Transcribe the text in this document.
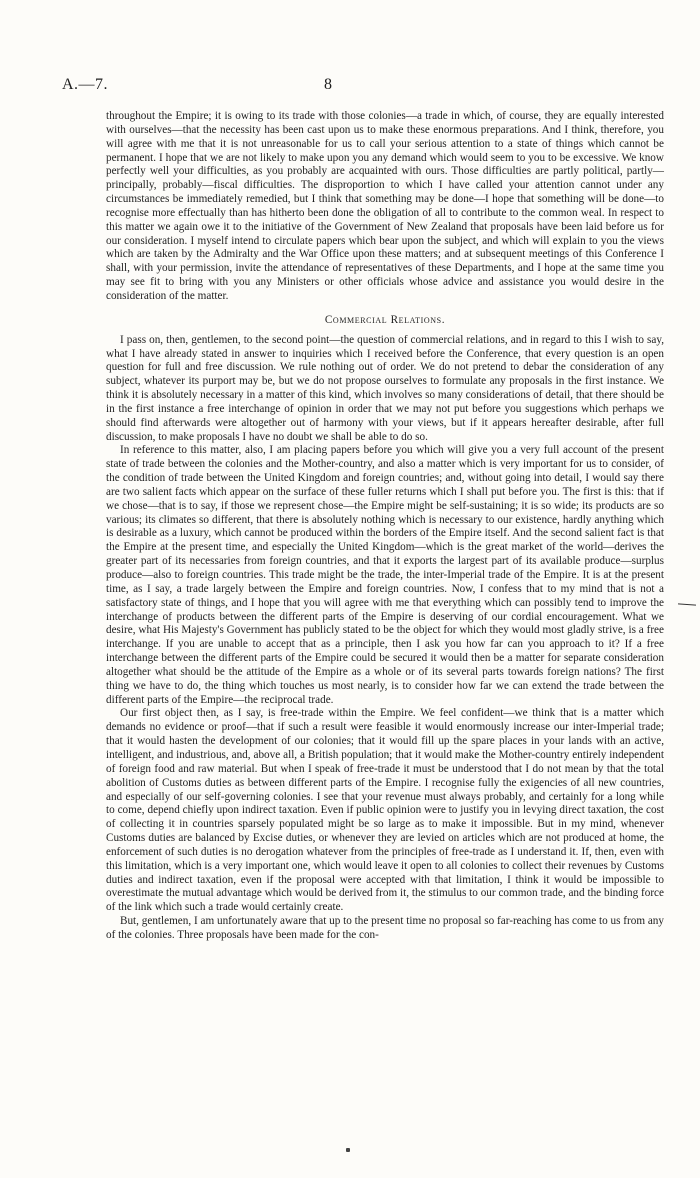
A.—7.	8

throughout the Empire; it is owing to its trade with those colonies—a trade in which, of course, they are equally interested with ourselves—that the necessity has been cast upon us to make these enormous preparations. And I think, therefore, you will agree with me that it is not unreasonable for us to call your serious attention to a state of things which cannot be permanent. I hope that we are not likely to make upon you any demand which would seem to you to be excessive. We know perfectly well your difficulties, as you probably are acquainted with ours. Those difficulties are partly political, partly—principally, probably—fiscal difficulties. The disproportion to which I have called your attention cannot under any circumstances be immediately remedied, but I think that something may be done—I hope that something will be done—to recognise more effectually than has hitherto been done the obligation of all to contribute to the common weal. In respect to this matter we again owe it to the initiative of the Government of New Zealand that proposals have been laid before us for our consideration. I myself intend to circulate papers which bear upon the subject, and which will explain to you the views which are taken by the Admiralty and the War Office upon these matters; and at subsequent meetings of this Conference I shall, with your permission, invite the attendance of representatives of these Departments, and I hope at the same time you may see fit to bring with you any Ministers or other officials whose advice and assistance you would desire in the consideration of the matter.

Commercial Relations.

I pass on, then, gentlemen, to the second point—the question of commercial relations, and in regard to this I wish to say, what I have already stated in answer to inquiries which I received before the Conference, that every question is an open question for full and free discussion. We rule nothing out of order. We do not pretend to debar the consideration of any subject, whatever its purport may be, but we do not propose ourselves to formulate any proposals in the first instance. We think it is absolutely necessary in a matter of this kind, which involves so many considerations of detail, that there should be in the first instance a free interchange of opinion in order that we may not put before you suggestions which perhaps we should find afterwards were altogether out of harmony with your views, but if it appears hereafter desirable, after full discussion, to make proposals I have no doubt we shall be able to do so.

In reference to this matter, also, I am placing papers before you which will give you a very full account of the present state of trade between the colonies and the Mother-country, and also a matter which is very important for us to consider, of the condition of trade between the United Kingdom and foreign countries; and, without going into detail, I would say there are two salient facts which appear on the surface of these fuller returns which I shall put before you. The first is this: that if we chose—that is to say, if those we represent chose—the Empire might be self-sustaining; it is so wide; its products are so various; its climates so different, that there is absolutely nothing which is necessary to our existence, hardly anything which is desirable as a luxury, which cannot be produced within the borders of the Empire itself. And the second salient fact is that the Empire at the present time, and especially the United Kingdom—which is the great market of the world—derives the greater part of its necessaries from foreign countries, and that it exports the largest part of its available produce—surplus produce—also to foreign countries. This trade might be the trade, the inter-Imperial trade of the Empire. It is at the present time, as I say, a trade largely between the Empire and foreign countries. Now, I confess that to my mind that is not a satisfactory state of things, and I hope that you will agree with me that everything which can possibly tend to improve the interchange of products between the different parts of the Empire is deserving of our cordial encouragement. What we desire, what His Majesty's Government has publicly stated to be the object for which they would most gladly strive, is a free interchange. If you are unable to accept that as a principle, then I ask you how far can you approach to it? If a free interchange between the different parts of the Empire could be secured it would then be a matter for separate consideration altogether what should be the attitude of the Empire as a whole or of its several parts towards foreign nations? The first thing we have to do, the thing which touches us most nearly, is to consider how far we can extend the trade between the different parts of the Empire—the reciprocal trade.

Our first object then, as I say, is free-trade within the Empire. We feel confident—we think that is a matter which demands no evidence or proof—that if such a result were feasible it would enormously increase our inter-Imperial trade; that it would hasten the development of our colonies; that it would fill up the spare places in your lands with an active, intelligent, and industrious, and, above all, a British population; that it would make the Mother-country entirely independent of foreign food and raw material. But when I speak of free-trade it must be understood that I do not mean by that the total abolition of Customs duties as between different parts of the Empire. I recognise fully the exigencies of all new countries, and especially of our self-governing colonies. I see that your revenue must always probably, and certainly for a long while to come, depend chiefly upon indirect taxation. Even if public opinion were to justify you in levying direct taxation, the cost of collecting it in countries sparsely populated might be so large as to make it impossible. But in my mind, whenever Customs duties are balanced by Excise duties, or whenever they are levied on articles which are not produced at home, the enforcement of such duties is no derogation whatever from the principles of free-trade as I understand it. If, then, even with this limitation, which is a very important one, which would leave it open to all colonies to collect their revenues by Customs duties and indirect taxation, even if the proposal were accepted with that limitation, I think it would be impossible to overestimate the mutual advantage which would be derived from it, the stimulus to our common trade, and the binding force of the link which such a trade would certainly create.

But, gentlemen, I am unfortunately aware that up to the present time no proposal so far-reaching has come to us from any of the colonies. Three proposals have been made for the con-
